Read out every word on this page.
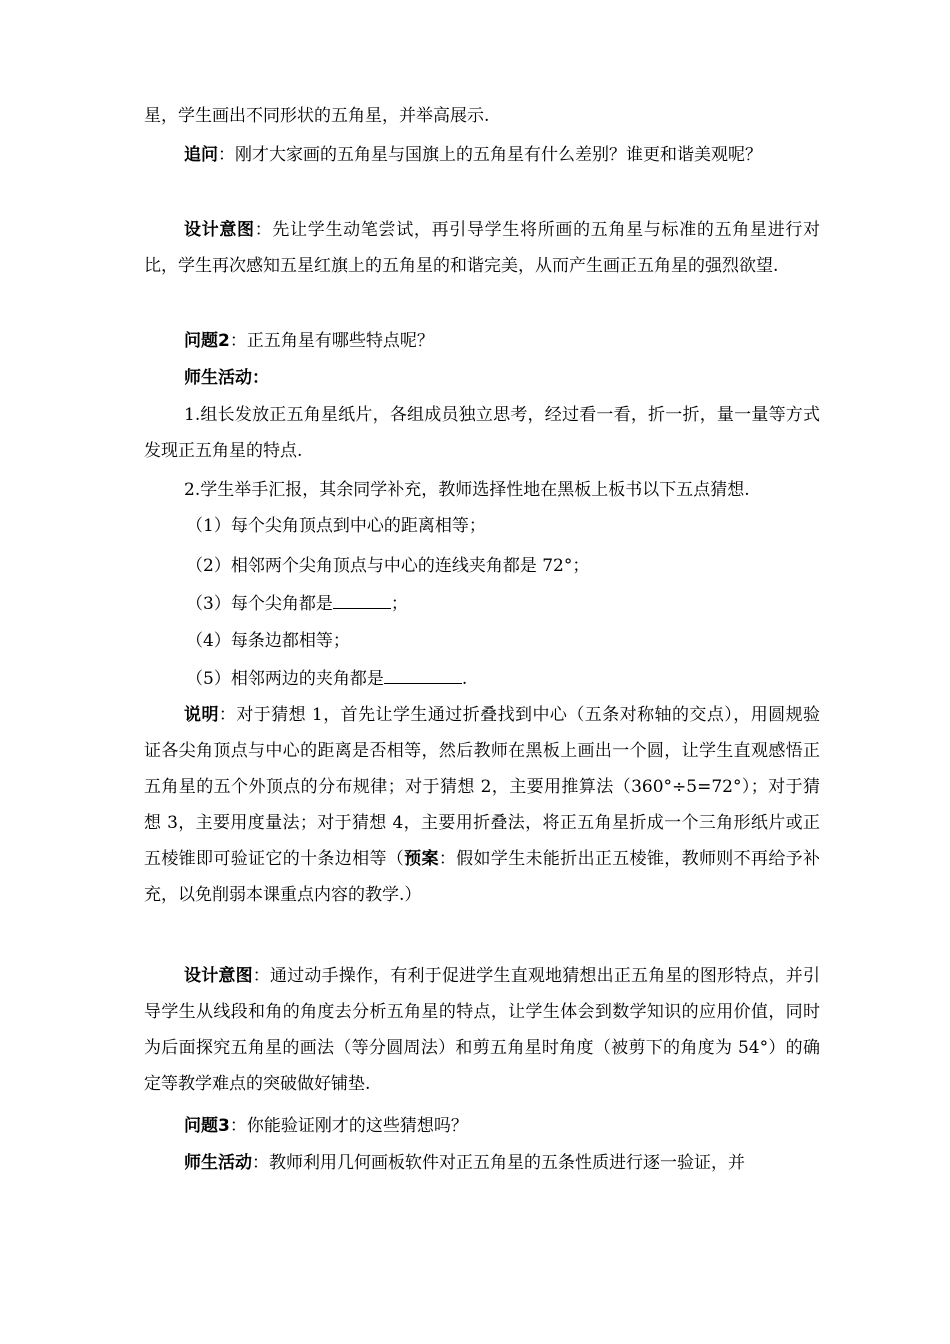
星，学生画出不同形状的五角星，并举高展示.
追问：刚才大家画的五角星与国旗上的五角星有什么差别？谁更和谐美观呢？
设计意图：先让学生动笔尝试，再引导学生将所画的五角星与标准的五角星进行对比，学生再次感知五星红旗上的五角星的和谐完美，从而产生画正五角星的强烈欲望.
问题2：正五角星有哪些特点呢？
师生活动：
1.组长发放正五角星纸片，各组成员独立思考，经过看一看，折一折，量一量等方式发现正五角星的特点.
2.学生举手汇报，其余同学补充，教师选择性地在黑板上板书以下五点猜想.
（1）每个尖角顶点到中心的距离相等；
（2）相邻两个尖角顶点与中心的连线夹角都是 72°；
（3）每个尖角都是	；
（4）每条边都相等；
（5）相邻两边的夹角都是	.
说明：对于猜想 1，首先让学生通过折叠找到中心（五条对称轴的交点），用圆规验证各尖角顶点与中心的距离是否相等，然后教师在黑板上画出一个圆，让学生直观感悟正五角星的五个外顶点的分布规律；对于猜想 2，主要用推算法（360°÷5=72°）；对于猜想 3，主要用度量法；对于猜想 4，主要用折叠法，将正五角星折成一个三角形纸片或正五棱锥即可验证它的十条边相等（预案：假如学生未能折出正五棱锥，教师则不再给予补充，以免削弱本课重点内容的教学.）
设计意图：通过动手操作，有利于促进学生直观地猜想出正五角星的图形特点，并引导学生从线段和角的角度去分析五角星的特点，让学生体会到数学知识的应用价值，同时为后面探究五角星的画法（等分圆周法）和剪五角星时角度（被剪下的角度为 54°）的确定等教学难点的突破做好铺垫.
问题3：你能验证刚才的这些猜想吗？
师生活动：教师利用几何画板软件对正五角星的五条性质进行逐一验证，并
